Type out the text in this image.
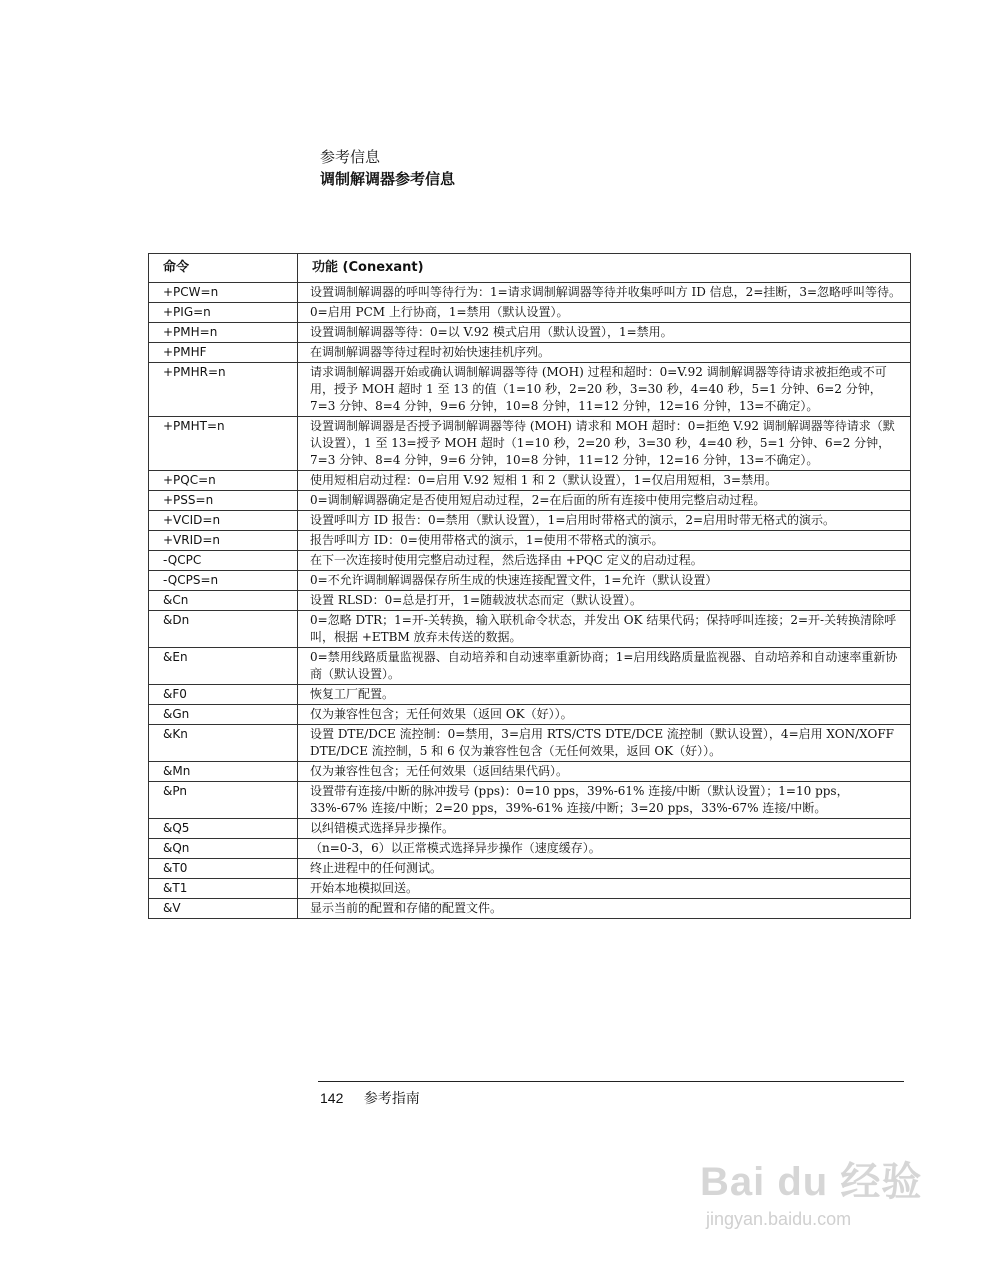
参考信息
调制解调器参考信息
命令	功能 (Conexant)
+PCW=n	设置调制解调器的呼叫等待行为：1=请求调制解调器等待并收集呼叫方 ID 信息，2=挂断，3=忽略呼叫等待。
+PIG=n	0=启用 PCM 上行协商，1=禁用（默认设置）。
+PMH=n	设置调制解调器等待：0=以 V.92 模式启用（默认设置），1=禁用。
+PMHF	在调制解调器等待过程时初始快速挂机序列。
+PMHR=n	请求调制解调器开始或确认调制解调器等待 (MOH) 过程和超时：0=V.92 调制解调器等待请求被拒绝或不可用，授予 MOH 超时 1 至 13 的值（1=10 秒，2=20 秒，3=30 秒，4=40 秒，5=1 分钟、6=2 分钟，7=3 分钟、8=4 分钟，9=6 分钟，10=8 分钟，11=12 分钟，12=16 分钟，13=不确定）。
+PMHT=n	设置调制解调器是否授予调制解调器等待 (MOH) 请求和 MOH 超时：0=拒绝 V.92 调制解调器等待请求（默认设置），1 至 13=授予 MOH 超时（1=10 秒，2=20 秒，3=30 秒，4=40 秒，5=1 分钟、6=2 分钟，7=3 分钟、8=4 分钟，9=6 分钟，10=8 分钟，11=12 分钟，12=16 分钟，13=不确定）。
+PQC=n	使用短相启动过程：0=启用 V.92 短相 1 和 2（默认设置），1=仅启用短相，3=禁用。
+PSS=n	0=调制解调器确定是否使用短启动过程，2=在后面的所有连接中使用完整启动过程。
+VCID=n	设置呼叫方 ID 报告：0=禁用（默认设置），1=启用时带格式的演示，2=启用时带无格式的演示。
+VRID=n	报告呼叫方 ID：0=使用带格式的演示，1=使用不带格式的演示。
-QCPC	在下一次连接时使用完整启动过程，然后选择由 +PQC 定义的启动过程。
-QCPS=n	0=不允许调制解调器保存所生成的快速连接配置文件，1=允许（默认设置）
&Cn	设置 RLSD：0=总是打开，1=随载波状态而定（默认设置）。
&Dn	0=忽略 DTR；1=开-关转换，输入联机命令状态，并发出 OK 结果代码；保持呼叫连接；2=开-关转换清除呼叫，根据 +ETBM 放弃未传送的数据。
&En	0=禁用线路质量监视器、自动培养和自动速率重新协商；1=启用线路质量监视器、自动培养和自动速率重新协商（默认设置）。
&F0	恢复工厂配置。
&Gn	仅为兼容性包含；无任何效果（返回 OK（好））。
&Kn	设置 DTE/DCE 流控制：0=禁用，3=启用 RTS/CTS DTE/DCE 流控制（默认设置），4=启用 XON/XOFF DTE/DCE 流控制，5 和 6 仅为兼容性包含（无任何效果，返回 OK（好））。
&Mn	仅为兼容性包含；无任何效果（返回结果代码）。
&Pn	设置带有连接/中断的脉冲拨号 (pps)：0=10 pps，39%-61% 连接/中断（默认设置）；1=10 pps，33%-67% 连接/中断；2=20 pps，39%-61% 连接/中断；3=20 pps，33%-67% 连接/中断。
&Q5	以纠错模式选择异步操作。
&Qn	（n=0-3，6）以正常模式选择异步操作（速度缓存）。
&T0	终止进程中的任何测试。
&T1	开始本地模拟回送。
&V	显示当前的配置和存储的配置文件。
142 参考指南
Bai du 经验
jingyan.baidu.com
